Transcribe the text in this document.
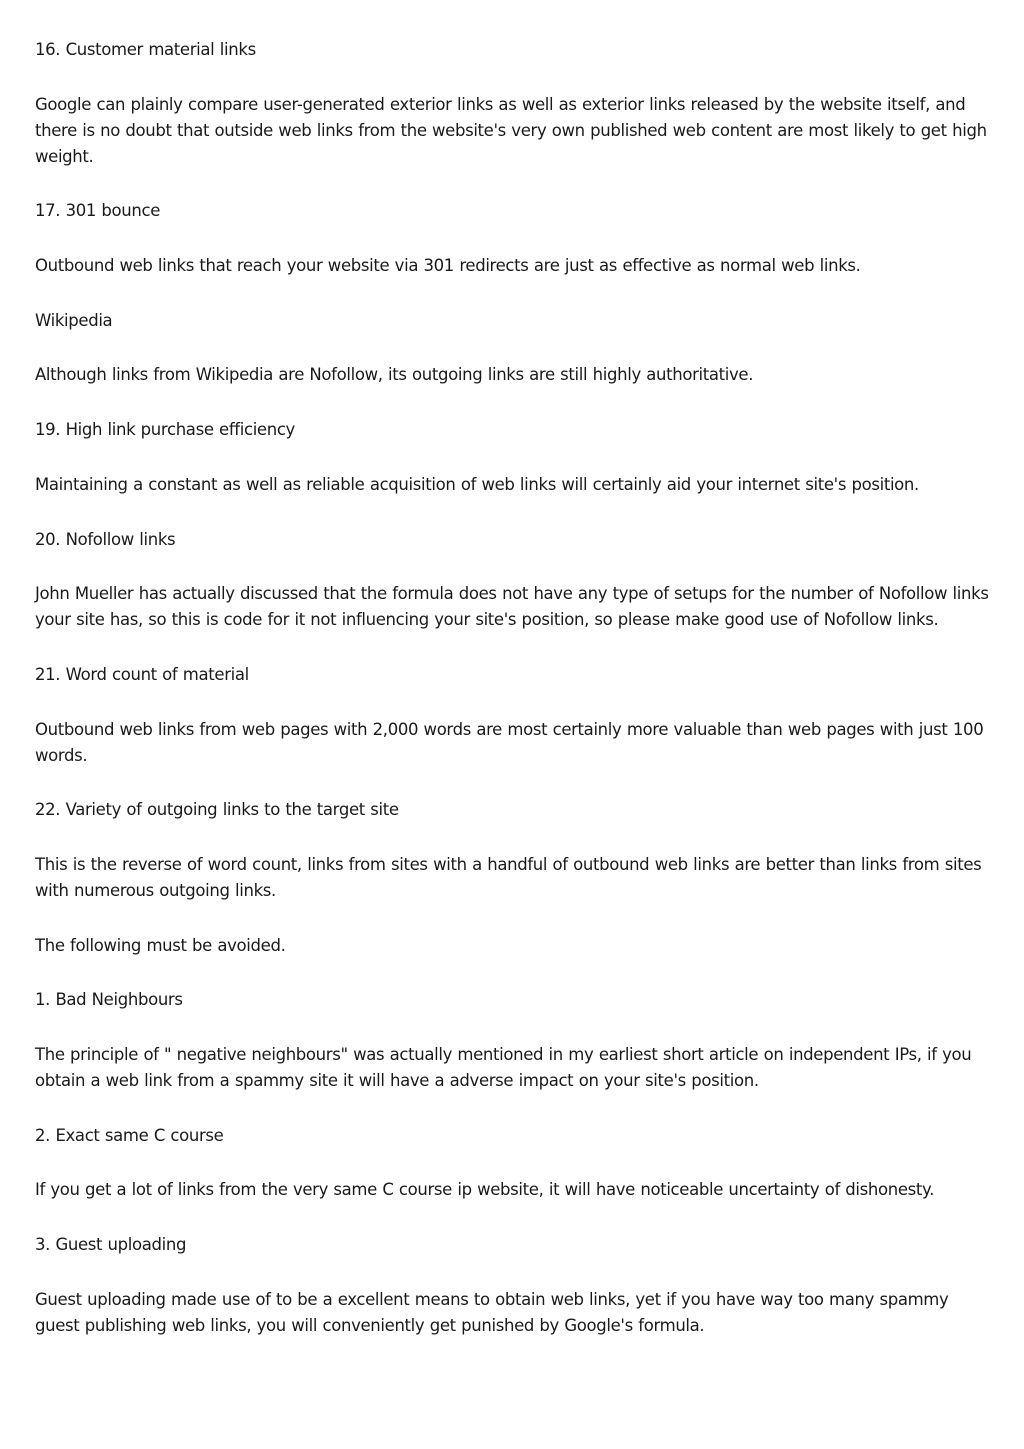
16. Customer material links

Google can plainly compare user-generated exterior links as well as exterior links released by the website itself, and there is no doubt that outside web links from the website's very own published web content are most likely to get high weight.

17. 301 bounce

Outbound web links that reach your website via 301 redirects are just as effective as normal web links.

Wikipedia

Although links from Wikipedia are Nofollow, its outgoing links are still highly authoritative.

19. High link purchase efficiency

Maintaining a constant as well as reliable acquisition of web links will certainly aid your internet site's position.

20. Nofollow links

John Mueller has actually discussed that the formula does not have any type of setups for the number of Nofollow links your site has, so this is code for it not influencing your site's position, so please make good use of Nofollow links.

21. Word count of material

Outbound web links from web pages with 2,000 words are most certainly more valuable than web pages with just 100 words.

22. Variety of outgoing links to the target site

This is the reverse of word count, links from sites with a handful of outbound web links are better than links from sites with numerous outgoing links.

The following must be avoided.

1. Bad Neighbours

The principle of " negative neighbours" was actually mentioned in my earliest short article on independent IPs, if you obtain a web link from a spammy site it will have a adverse impact on your site's position.

2. Exact same C course

If you get a lot of links from the very same C course ip website, it will have noticeable uncertainty of dishonesty.

3. Guest uploading

Guest uploading made use of to be a excellent means to obtain web links, yet if you have way too many spammy guest publishing web links, you will conveniently get punished by Google's formula.
